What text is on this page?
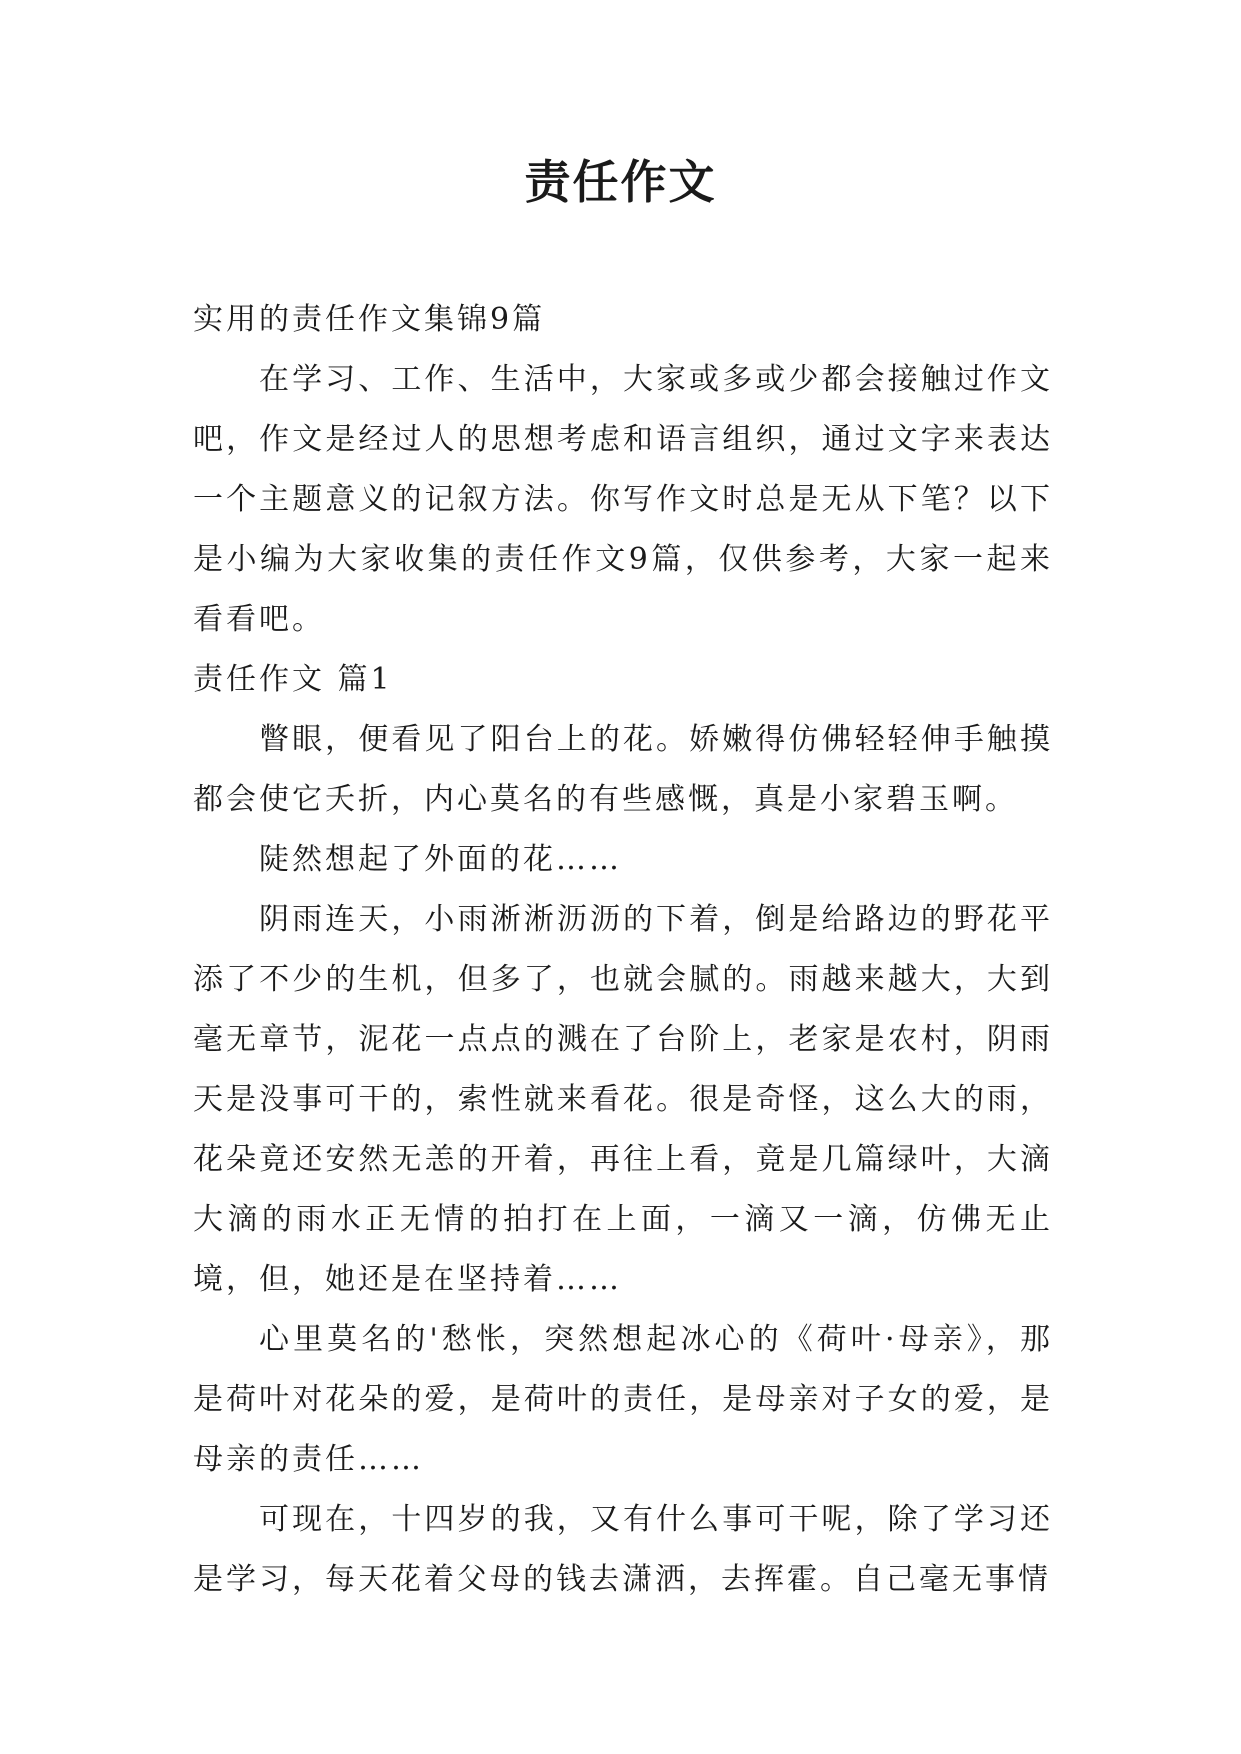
责任作文

实用的责任作文集锦9篇

在学习、工作、生活中，大家或多或少都会接触过作文吧，作文是经过人的思想考虑和语言组织，通过文字来表达一个主题意义的记叙方法。你写作文时总是无从下笔？以下是小编为大家收集的责任作文9篇，仅供参考，大家一起来看看吧。

责任作文 篇1

瞥眼，便看见了阳台上的花。娇嫩得仿佛轻轻伸手触摸都会使它夭折，内心莫名的有些感慨，真是小家碧玉啊。

陡然想起了外面的花……

阴雨连天，小雨淅淅沥沥的下着，倒是给路边的野花平添了不少的生机，但多了，也就会腻的。雨越来越大，大到毫无章节，泥花一点点的溅在了台阶上，老家是农村，阴雨天是没事可干的，索性就来看花。很是奇怪，这么大的雨，花朵竟还安然无恙的开着，再往上看，竟是几篇绿叶，大滴大滴的雨水正无情的拍打在上面，一滴又一滴，仿佛无止境，但，她还是在坚持着……

心里莫名的'愁怅，突然想起冰心的《荷叶·母亲》，那是荷叶对花朵的爱，是荷叶的责任，是母亲对子女的爱，是母亲的责任……

可现在，十四岁的我，又有什么事可干呢，除了学习还是学习，每天花着父母的钱去潇洒，去挥霍。自己毫无事情
